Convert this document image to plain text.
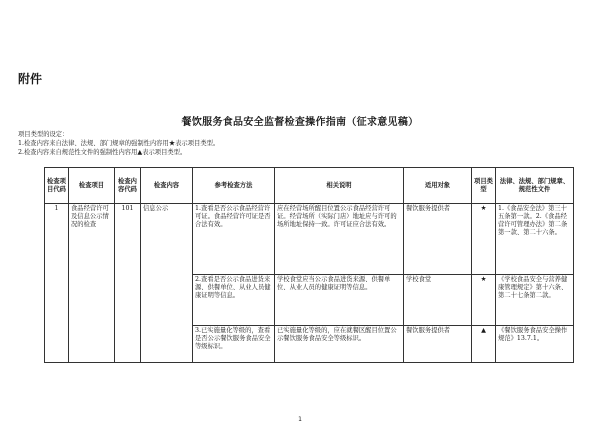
附件
餐饮服务食品安全监督检查操作指南（征求意见稿）
项目类型的设定：
1.检查内容来自法律、法规、部门规章的强制性内容用★表示项目类型。
2.检查内容来自规范性文件的强制性内容用▲表示项目类型。
检查项目代码	检查项目	检查内容代码	检查内容	参考检查方法	相关说明	适用对象	项目类型	法律、法规、部门规章、规范性文件
1	食品经营许可及信息公示情况的检查	101	信息公示	1.查看是否公示食品经营许可证。食品经营许可证是否合法有效。	应在经营场所醒目位置公示食品经营许可证。经营场所（实际门店）地址应与许可的场所地址保持一致。许可证应合法有效。	餐饮服务提供者	★	1.《食品安全法》第三十五条第一款。2.《食品经营许可管理办法》第二条第一款、第二十六条。
				2.查看是否公示食品进货来源、供餐单位、从业人员健康证明等信息。	学校食堂应当公示食品进货来源、供餐单位、从业人员的健康证明等信息。	学校食堂	★	《学校食品安全与营养健康管理规定》第十六条、第二十七条第二款。
				3.已实施量化等级的，查看是否公示餐饮服务食品安全等级标识。	已实施量化等级的，应在就餐区醒目位置公示餐饮服务食品安全等级标识。	餐饮服务提供者	▲	《餐饮服务食品安全操作规范》13.7.1。
1
